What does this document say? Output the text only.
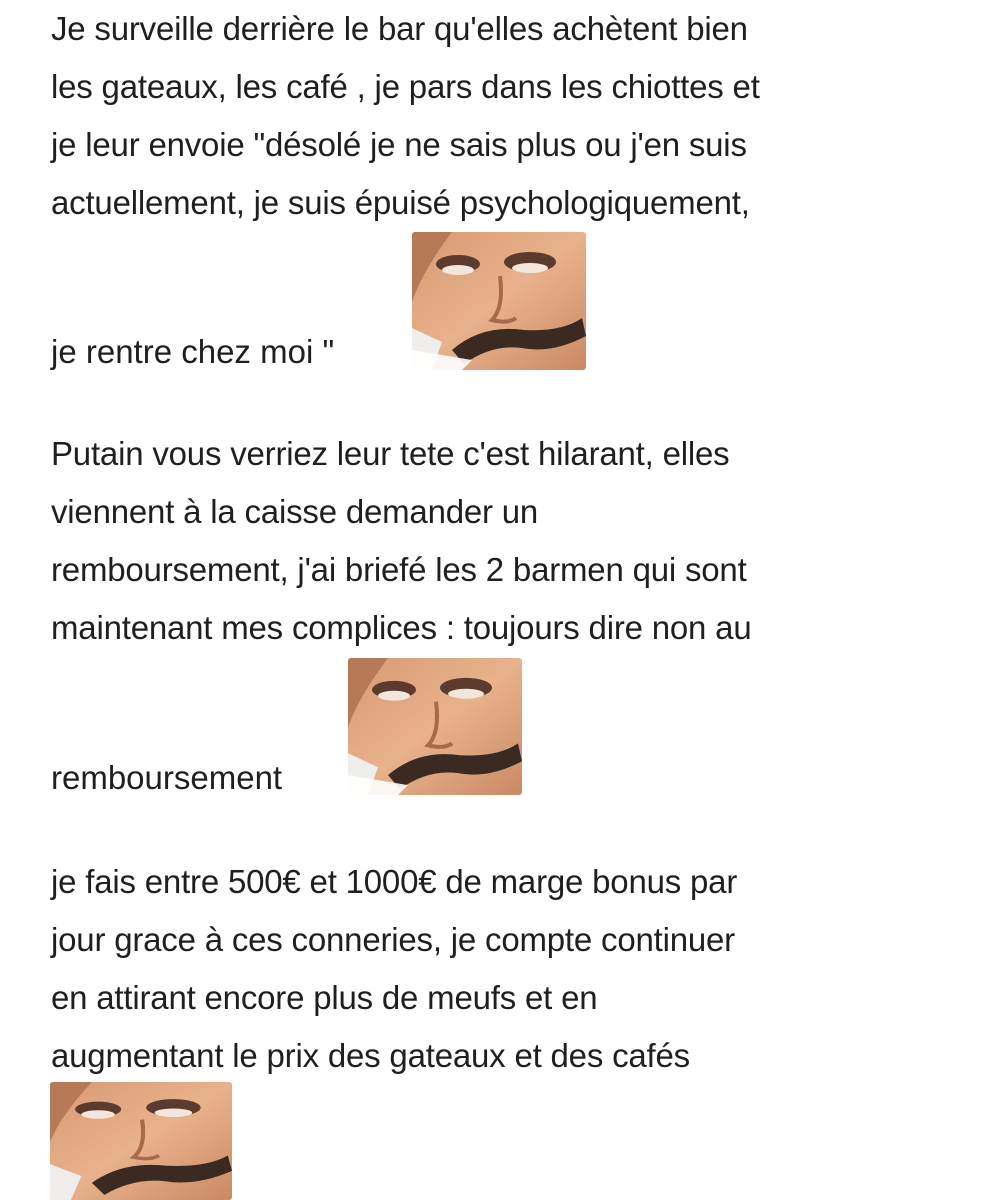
Je surveille derrière le bar qu'elles achètent bien
les gateaux, les café , je pars dans les chiottes et
je leur envoie "désolé je ne sais plus ou j'en suis
actuellement, je suis épuisé psychologiquement,
je rentre chez moi "
Putain vous verriez leur tete c'est hilarant, elles
viennent à la caisse demander un
remboursement, j'ai briefé les 2 barmen qui sont
maintenant mes complices : toujours dire non au
remboursement
je fais entre 500€ et 1000€ de marge bonus par
jour grace à ces conneries, je compte continuer
en attirant encore plus de meufs et en
augmentant le prix des gateaux et des cafés
